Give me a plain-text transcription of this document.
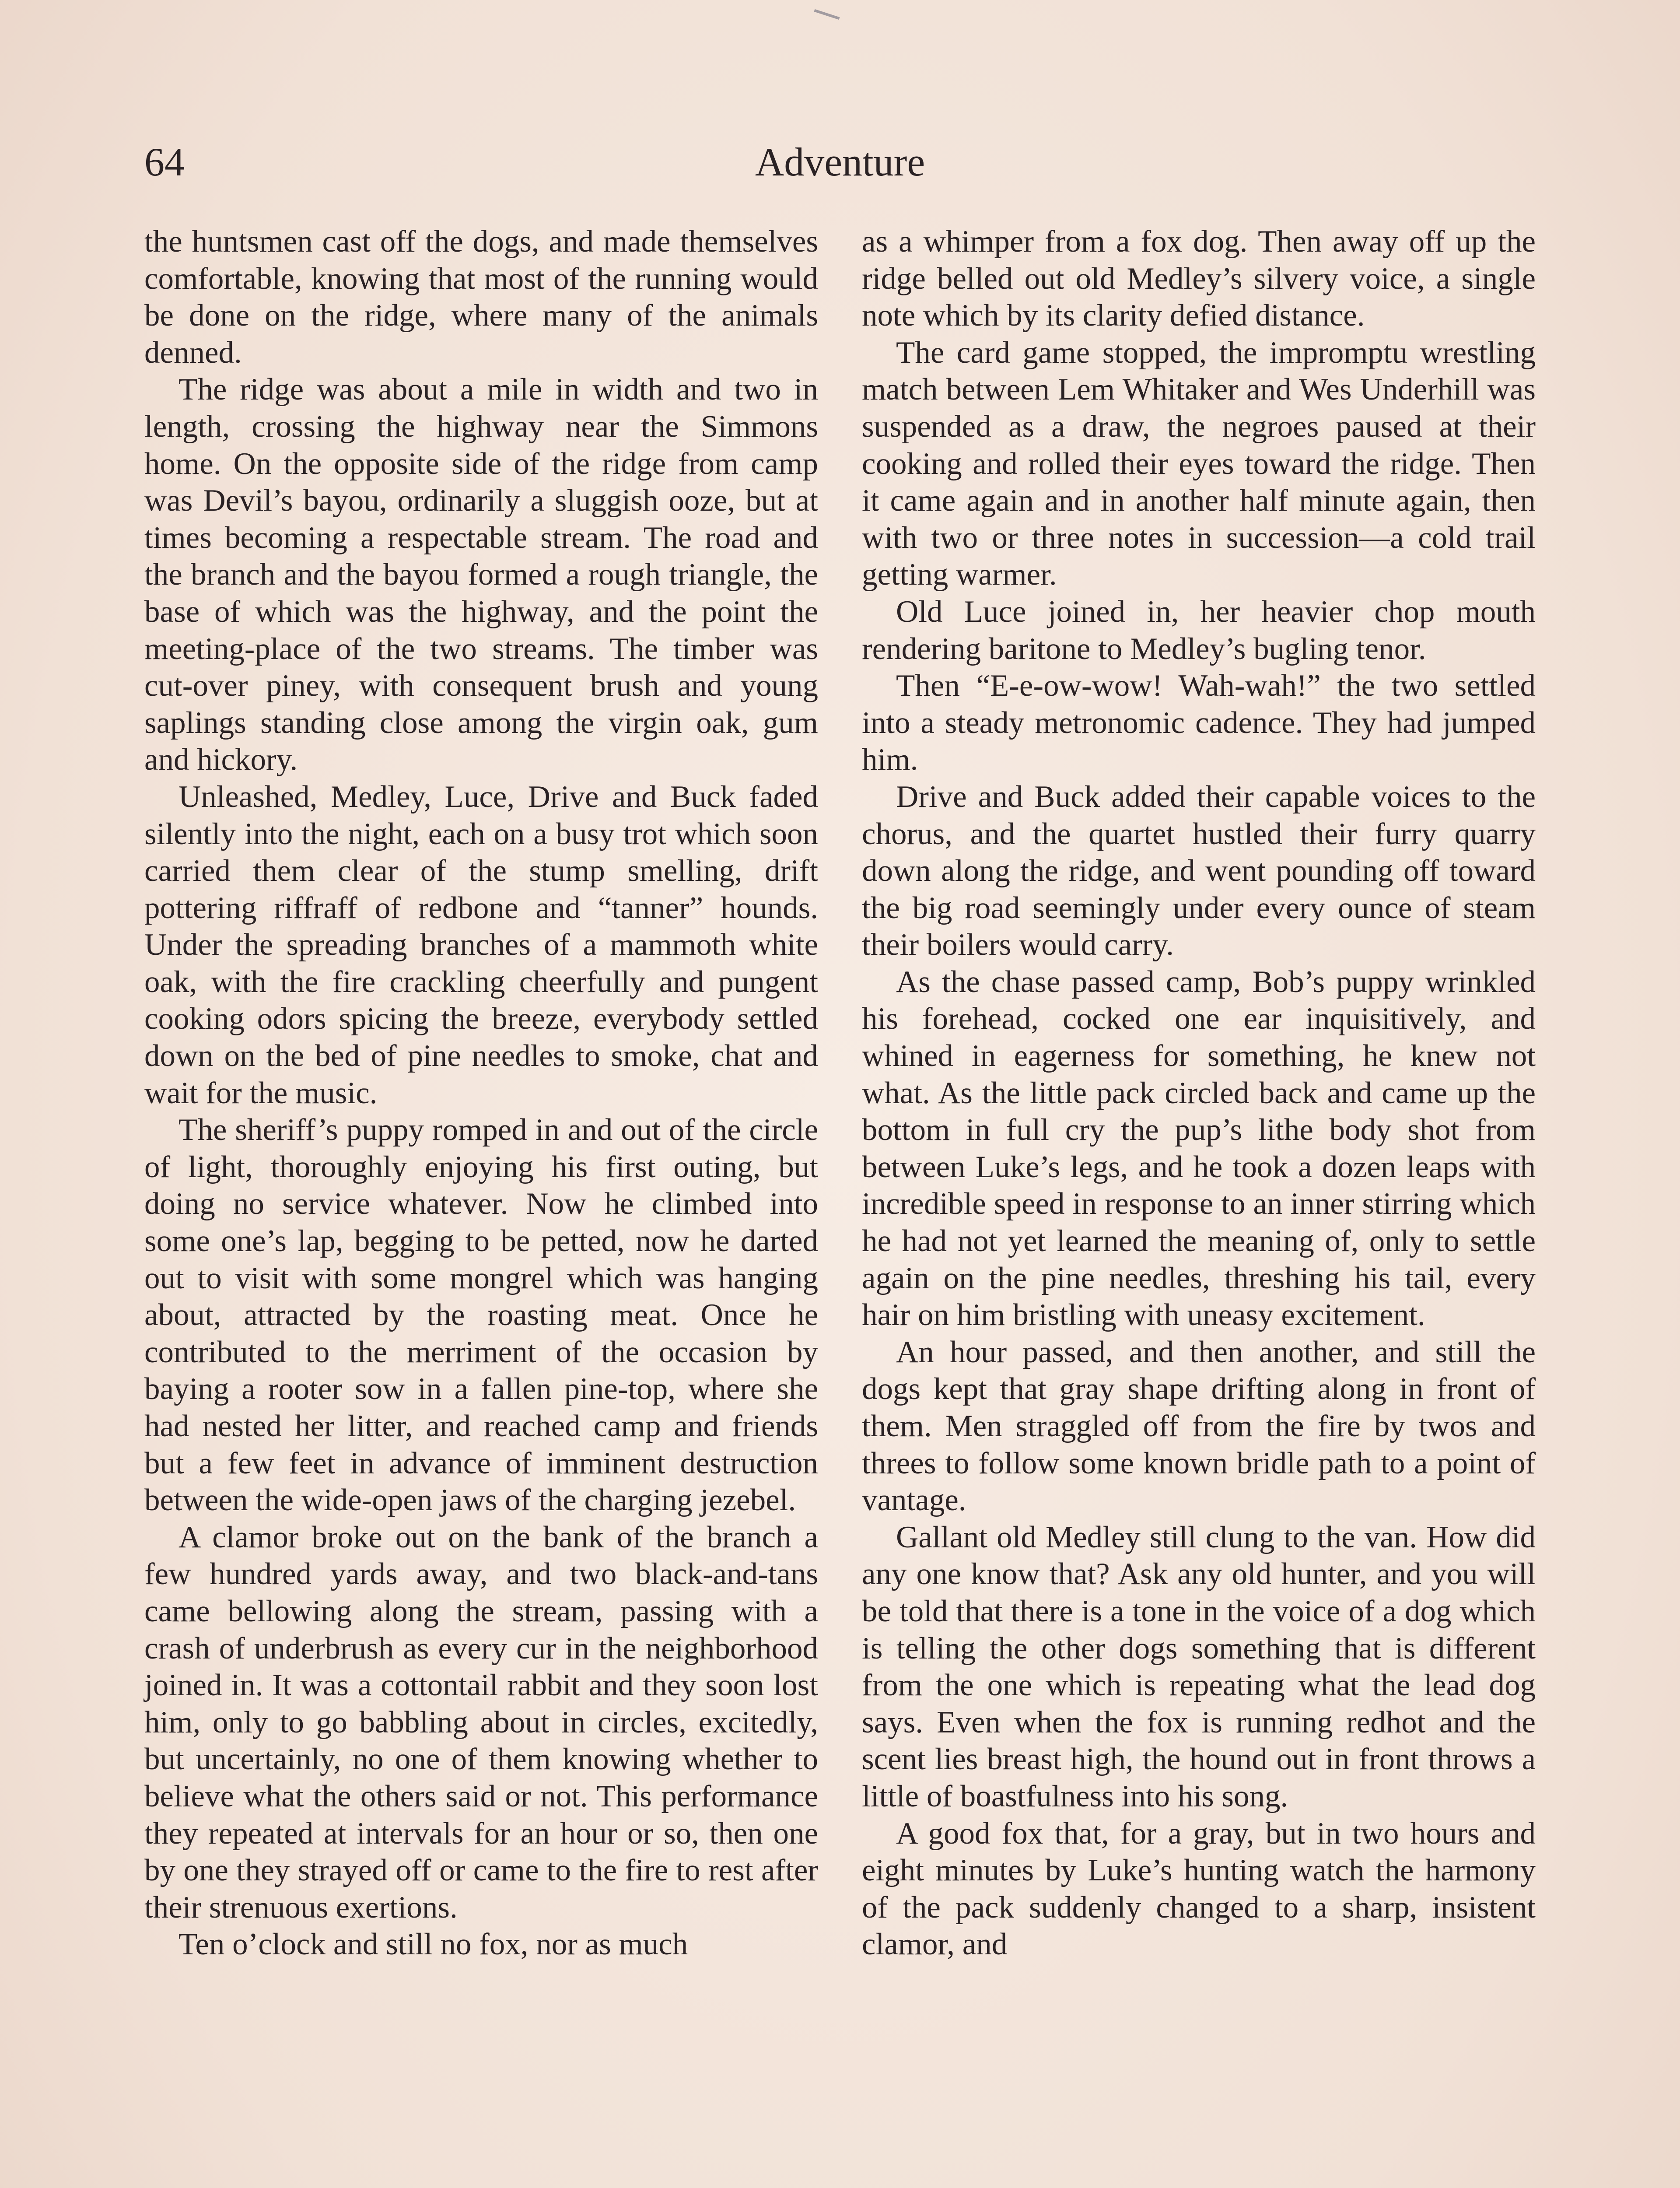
64	Adventure

the huntsmen cast off the dogs, and made themselves comfortable, knowing that most of the running would be done on the ridge, where many of the animals denned.

The ridge was about a mile in width and two in length, crossing the highway near the Simmons home. On the opposite side of the ridge from camp was Devil’s bayou, ordinarily a sluggish ooze, but at times becoming a respectable stream. The road and the branch and the bayou formed a rough triangle, the base of which was the highway, and the point the meeting-place of the two streams. The timber was cut-over piney, with consequent brush and young saplings standing close among the virgin oak, gum and hickory.

Unleashed, Medley, Luce, Drive and Buck faded silently into the night, each on a busy trot which soon carried them clear of the stump smelling, drift pottering riffraff of redbone and “tanner” hounds. Under the spreading branches of a mammoth white oak, with the fire crackling cheerfully and pungent cooking odors spicing the breeze, everybody settled down on the bed of pine needles to smoke, chat and wait for the music.

The sheriff’s puppy romped in and out of the circle of light, thoroughly enjoying his first outing, but doing no service whatever. Now he climbed into some one’s lap, begging to be petted, now he darted out to visit with some mongrel which was hanging about, attracted by the roasting meat. Once he contributed to the merriment of the occasion by baying a rooter sow in a fallen pine-top, where she had nested her litter, and reached camp and friends but a few feet in advance of imminent destruction between the wide-open jaws of the charging jezebel.

A clamor broke out on the bank of the branch a few hundred yards away, and two black-and-tans came bellowing along the stream, passing with a crash of underbrush as every cur in the neighborhood joined in. It was a cottontail rabbit and they soon lost him, only to go babbling about in circles, excitedly, but uncertainly, no one of them knowing whether to believe what the others said or not. This performance they repeated at intervals for an hour or so, then one by one they strayed off or came to the fire to rest after their strenuous exertions.

Ten o’clock and still no fox, nor as much

as a whimper from a fox dog. Then away off up the ridge belled out old Medley’s silvery voice, a single note which by its clarity defied distance.

The card game stopped, the impromptu wrestling match between Lem Whitaker and Wes Underhill was suspended as a draw, the negroes paused at their cooking and rolled their eyes toward the ridge. Then it came again and in another half minute again, then with two or three notes in succession—a cold trail getting warmer.

Old Luce joined in, her heavier chop mouth rendering baritone to Medley’s bugling tenor.

Then “E-e-ow-wow! Wah-wah!” the two settled into a steady metronomic cadence. They had jumped him.

Drive and Buck added their capable voices to the chorus, and the quartet hustled their furry quarry down along the ridge, and went pounding off toward the big road seemingly under every ounce of steam their boilers would carry.

As the chase passed camp, Bob’s puppy wrinkled his forehead, cocked one ear inquisitively, and whined in eagerness for something, he knew not what. As the little pack circled back and came up the bottom in full cry the pup’s lithe body shot from between Luke’s legs, and he took a dozen leaps with incredible speed in response to an inner stirring which he had not yet learned the meaning of, only to settle again on the pine needles, threshing his tail, every hair on him bristling with uneasy excitement.

An hour passed, and then another, and still the dogs kept that gray shape drifting along in front of them. Men straggled off from the fire by twos and threes to follow some known bridle path to a point of vantage.

Gallant old Medley still clung to the van. How did any one know that? Ask any old hunter, and you will be told that there is a tone in the voice of a dog which is telling the other dogs something that is different from the one which is repeating what the lead dog says. Even when the fox is running redhot and the scent lies breast high, the hound out in front throws a little of boastfulness into his song.

A good fox that, for a gray, but in two hours and eight minutes by Luke’s hunting watch the harmony of the pack suddenly changed to a sharp, insistent clamor, and
